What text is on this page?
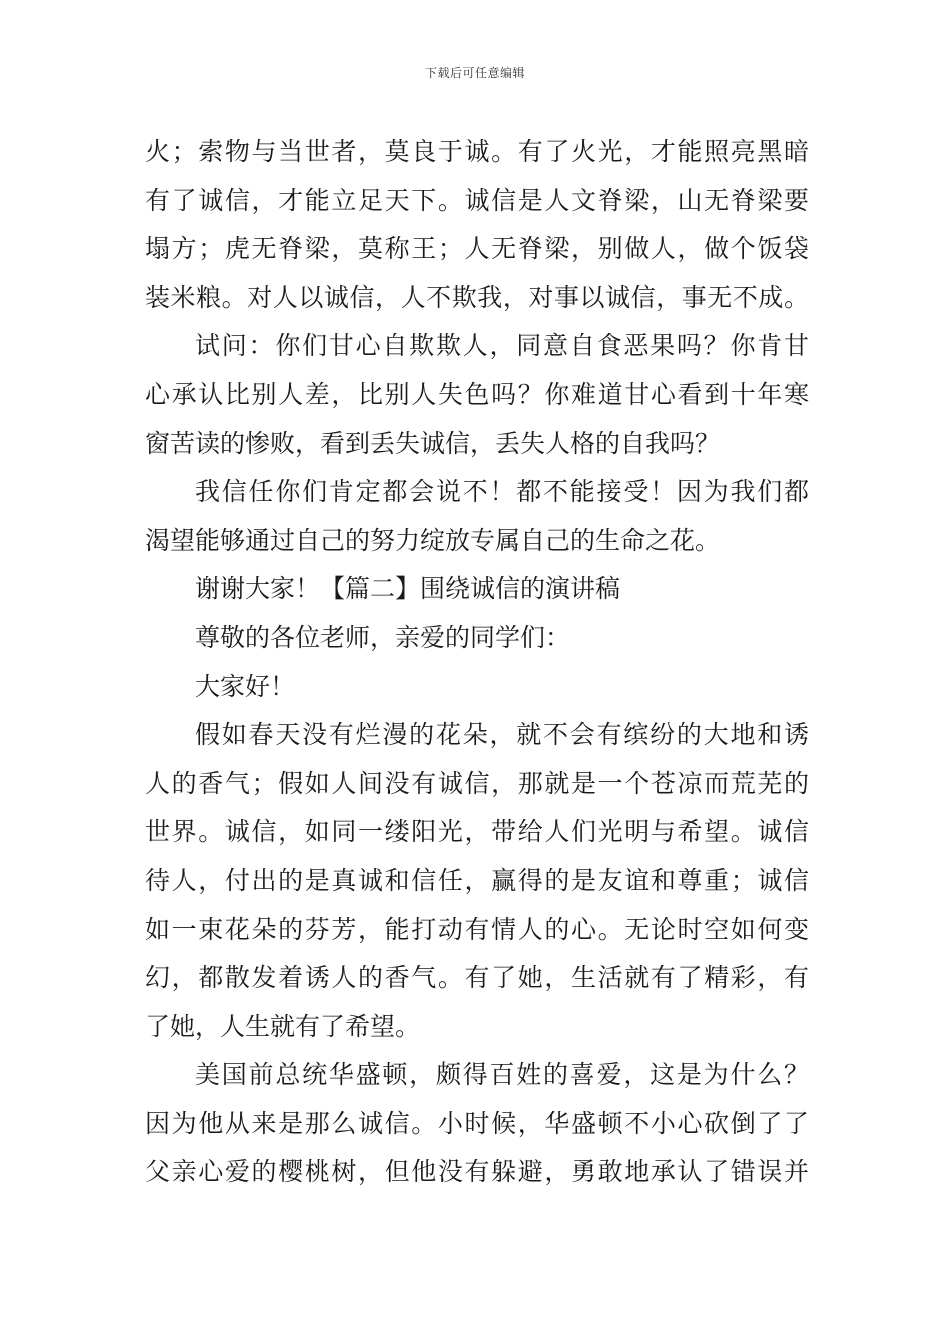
下载后可任意编辑
火；索物与当世者，莫良于诚。有了火光，才能照亮黑暗
有了诚信，才能立足天下。诚信是人文脊梁，山无脊梁要
塌方；虎无脊梁，莫称王；人无脊梁，别做人，做个饭袋
装米粮。对人以诚信，人不欺我，对事以诚信，事无不成。
试问：你们甘心自欺欺人，同意自食恶果吗？你肯甘
心承认比别人差，比别人失色吗？你难道甘心看到十年寒
窗苦读的惨败，看到丢失诚信，丢失人格的自我吗？
我信任你们肯定都会说不！都不能接受！因为我们都
渴望能够通过自己的努力绽放专属自己的生命之花。
谢谢大家！【篇二】围绕诚信的演讲稿
尊敬的各位老师，亲爱的同学们：
大家好！
假如春天没有烂漫的花朵，就不会有缤纷的大地和诱
人的香气；假如人间没有诚信，那就是一个苍凉而荒芜的
世界。诚信，如同一缕阳光，带给人们光明与希望。诚信
待人，付出的是真诚和信任，赢得的是友谊和尊重；诚信
如一束花朵的芬芳，能打动有情人的心。无论时空如何变
幻，都散发着诱人的香气。有了她，生活就有了精彩，有
了她，人生就有了希望。
美国前总统华盛顿，颇得百姓的喜爱，这是为什么？
因为他从来是那么诚信。小时候，华盛顿不小心砍倒了了
父亲心爱的樱桃树，但他没有躲避，勇敢地承认了错误并
